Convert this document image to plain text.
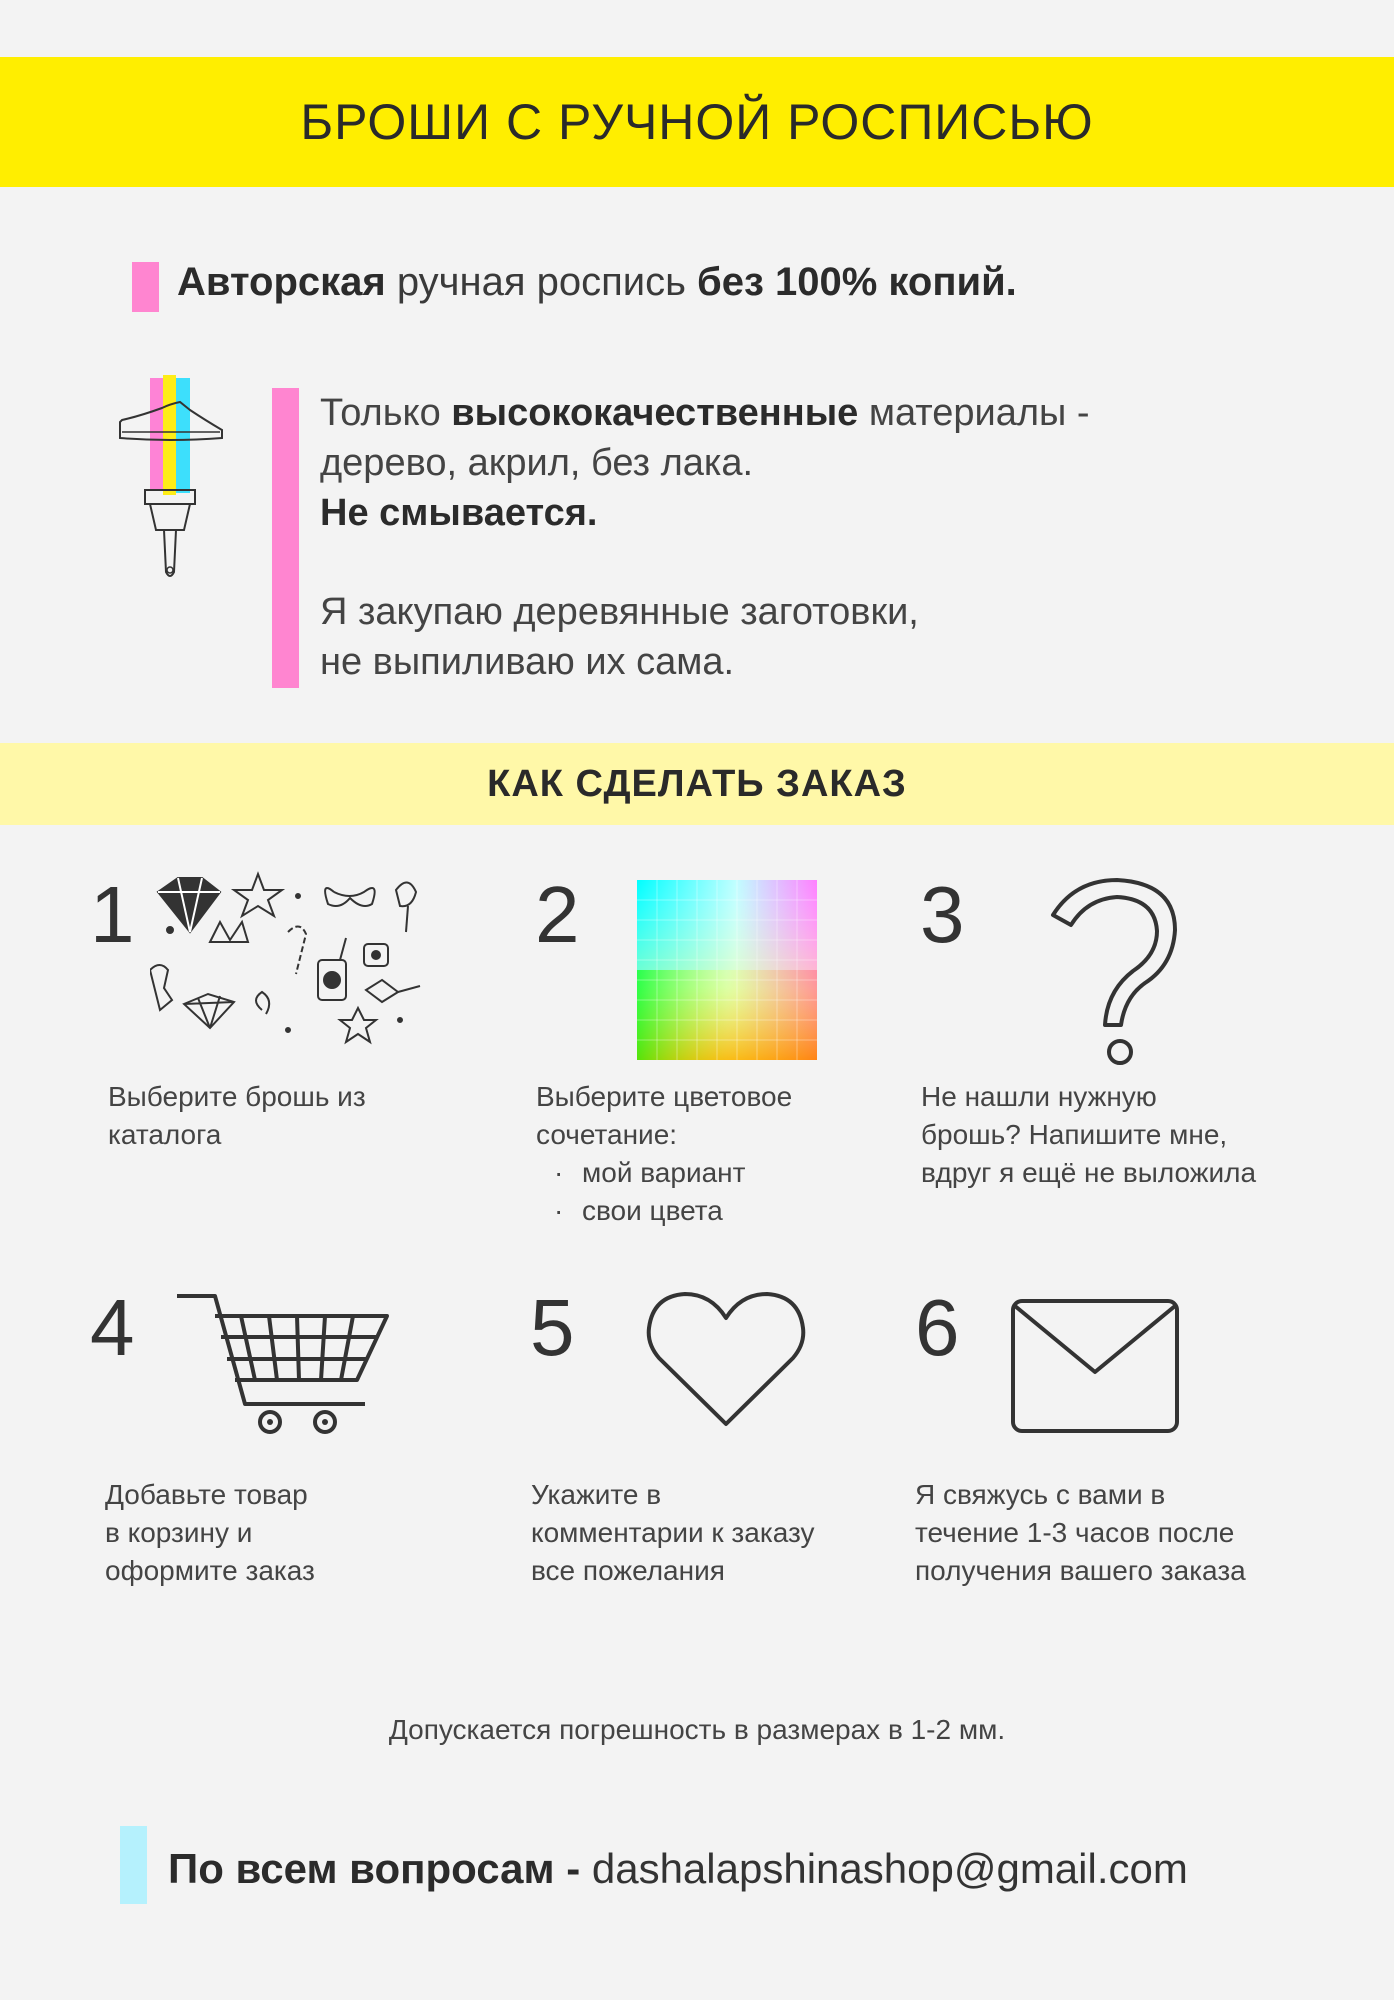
БРОШИ С РУЧНОЙ РОСПИСЬЮ
Авторская ручная роспись без 100% копий.
Только высококачественные материалы -
дерево, акрил, без лака.
Не смывается.
Я закупаю деревянные заготовки,
не выпиливаю их сама.
КАК СДЕЛАТЬ ЗАКАЗ
1
Выберите брошь из
каталога
2
Выберите цветовое
сочетание:
· мой вариант
· свои цвета
3
Не нашли нужную
брошь? Напишите мне,
вдруг я ещё не выложила
4
Добавьте товар
в корзину и
оформите заказ
5
Укажите в
комментарии к заказу
все пожелания
6
Я свяжусь с вами в
течение 1-3 часов после
получения вашего заказа
Допускается погрешность в размерах в 1-2 мм.
По всем вопросам - dashalapshinashop@gmail.com
